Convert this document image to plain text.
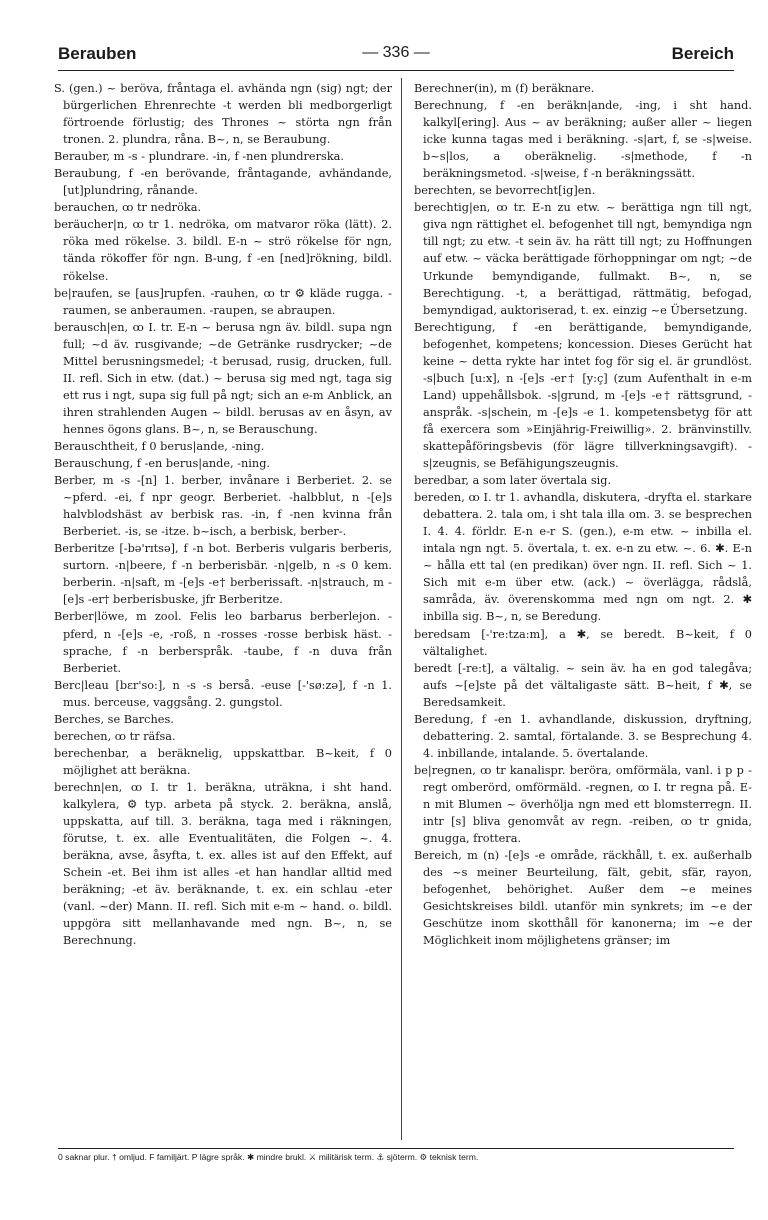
Berauben	— 336 —	Bereich

S. (gen.) ~ beröva, fråntaga el. avhända ngn (sig) ngt; der bürgerlichen Ehrenrechte -t werden bli medborgerligt förtroende förlustig; des Thrones ~ störta ngn från tronen. 2. plundra, råna. B~, n, se Beraubung.

Berauber, m -s - plundrare. -in, f -nen plundrerska.

Beraubung, f -en berövande, fråntagande, avhändande, [ut]plundring, rånande.

berauchen, ꝏ tr nedröka.

beräucher|n, ꝏ tr 1. nedröka, om matvaror röka (lätt). 2. röka med rökelse. 3. bildl. E-n ~ strö rökelse för ngn, tända rökoffer för ngn. B-ung, f -en [ned]rökning, bildl. rökelse.

be|raufen, se [aus]rupfen. -rauhen, ꝏ tr ⚙ kläde rugga. -raumen, se anberaumen. -raupen, se abraupen.

berausch|en, ꝏ I. tr. E-n ~ berusa ngn äv. bildl. supa ngn full; ~d äv. rusgivande; ~de Getränke rusdrycker; ~de Mittel berusningsmedel; -t berusad, rusig, drucken, full. II. refl. Sich in etw. (dat.) ~ berusa sig med ngt, taga sig ett rus i ngt, supa sig full på ngt; sich an e-m Anblick, an ihren strahlenden Augen ~ bildl. berusas av en åsyn, av hennes ögons glans. B~, n, se Berauschung.

Berauschtheit, f 0 berus|ande, -ning.

Berauschung, f -en berus|ande, -ning.

Berber, m -s -[n] 1. berber, invånare i Berberiet. 2. se ~pferd. -ei, f npr geogr. Berberiet. -halbblut, n -[e]s halvblodshäst av berbisk ras. -in, f -nen kvinna från Berberiet. -is, se -itze. b~isch, a berbisk, berber-.

Berberitze [-bə'rɪtsə], f -n bot. Berberis vulgaris berberis, surtorn. -n|beere, f -n berberisbär. -n|gelb, n -s 0 kem. berberin. -n|saft, m -[e]s -e† berberissaft. -n|strauch, m -[e]s -er† berberisbuske, jfr Berberitze.

Berber|löwe, m zool. Felis leo barbarus berberlejon. -pferd, n -[e]s -e, -roß, n -rosses -rosse berbisk häst. -sprache, f -n berberspråk. -taube, f -n duva från Berberiet.

Berc|leau [bɛr'so:], n -s -s berså. -euse [-'sø:zə], f -n 1. mus. berceuse, vaggsång. 2. gungstol.

Berches, se Barches.

berechen, ꝏ tr räfsa.

berechenbar, a beräknelig, uppskattbar. B~keit, f 0 möjlighet att beräkna.

berechn|en, ꝏ I. tr 1. beräkna, uträkna, i sht hand. kalkylera, ⚙ typ. arbeta på styck. 2. beräkna, anslå, uppskatta, auf till. 3. beräkna, taga med i räkningen, förutse, t. ex. alle Eventualitäten, die Folgen ~. 4. beräkna, avse, åsyfta, t. ex. alles ist auf den Effekt, auf Schein -et. Bei ihm ist alles -et han handlar alltid med beräkning; -et äv. beräknande, t. ex. ein schlau -eter (vanl. ~der) Mann. II. refl. Sich mit e-m ~ hand. o. bildl. uppgöra sitt mellanhavande med ngn. B~, n, se Berechnung.

Berechner(in), m (f) beräknare.

Berechnung, f -en beräkn|ande, -ing, i sht hand. kalkyl[ering]. Aus ~ av beräkning; außer aller ~ liegen icke kunna tagas med i beräkning. -s|art, f, se -s|weise. b~s|los, a oberäknelig. -s|methode, f -n beräkningsmetod. -s|weise, f -n beräkningssätt.

berechten, se bevorrecht[ig]en.

berechtig|en, ꝏ tr. E-n zu etw. ~ berättiga ngn till ngt, giva ngn rättighet el. befogenhet till ngt, bemyndiga ngn till ngt; zu etw. -t sein äv. ha rätt till ngt; zu Hoffnungen auf etw. ~ väcka berättigade förhoppningar om ngt; ~de Urkunde bemyndigande, fullmakt. B~, n, se Berechtigung. -t, a berättigad, rättmätig, befogad, bemyndigad, auktoriserad, t. ex. einzig ~e Übersetzung.

Berechtigung, f -en berättigande, bemyndigande, befogenhet, kompetens; koncession. Dieses Gerücht hat keine ~ detta rykte har intet fog för sig el. är grundlöst. -s|buch [u:x], n -[e]s -er† [y:ç] (zum Aufenthalt in e-m Land) uppehållsbok. -s|grund, m -[e]s -e† rättsgrund, -anspråk. -s|schein, m -[e]s -e 1. kompetensbetyg för att få exercera som »Einjährig-Freiwillig». 2. bränvinstillv. skattepåföringsbevis (för lägre tillverkningsavgift). -s|zeugnis, se Befähigungszeugnis.

beredbar, a som later övertala sig.

bereden, ꝏ I. tr 1. avhandla, diskutera, -dryfta el. starkare debattera. 2. tala om, i sht tala illa om. 3. se besprechen I. 4. 4. förldr. E-n e-r S. (gen.), e-m etw. ~ inbilla el. intala ngn ngt. 5. övertala, t. ex. e-n zu etw. ~. 6. ✱. E-n ~ hålla ett tal (en predikan) över ngn. II. refl. Sich ~ 1. Sich mit e-m über etw. (ack.) ~ överlägga, rådslå, samråda, äv. överenskomma med ngn om ngt. 2. ✱ inbilla sig. B~, n, se Beredung.

beredsam [-'re:tza:m], a ✱, se beredt. B~keit, f 0 vältalighet.

beredt [-re:t], a vältalig. ~ sein äv. ha en god talegåva; aufs ~[e]ste på det vältaligaste sätt. B~heit, f ✱, se Beredsamkeit.

Beredung, f -en 1. avhandlande, diskussion, dryftning, debattering. 2. samtal, förtalande. 3. se Besprechung 4. 4. inbillande, intalande. 5. övertalande.

be|regnen, ꝏ tr kanalispr. beröra, omförmäla, vanl. i p p -regt omberörd, omförmäld. -regnen, ꝏ I. tr regna på. E-n mit Blumen ~ överhölja ngn med ett blomsterregn. II. intr [s] bliva genomvåt av regn. -reiben, ꝏ tr gnida, gnugga, frottera.

Bereich, m (n) -[e]s -e område, räckhåll, t. ex. außerhalb des ~s meiner Beurteilung, fält, gebit, sfär, rayon, befogenhet, behörighet. Außer dem ~e meines Gesichtskreises bildl. utanför min synkrets; im ~e der Geschütze inom skotthåll för kanonerna; im ~e der Möglichkeit inom möjlighetens gränser; im

0 saknar plur. † omljud. F familjärt. P lägre språk. ✱ mindre brukl. ⚔ militärisk term. ⚓ sjöterm. ⚙ teknisk term.
